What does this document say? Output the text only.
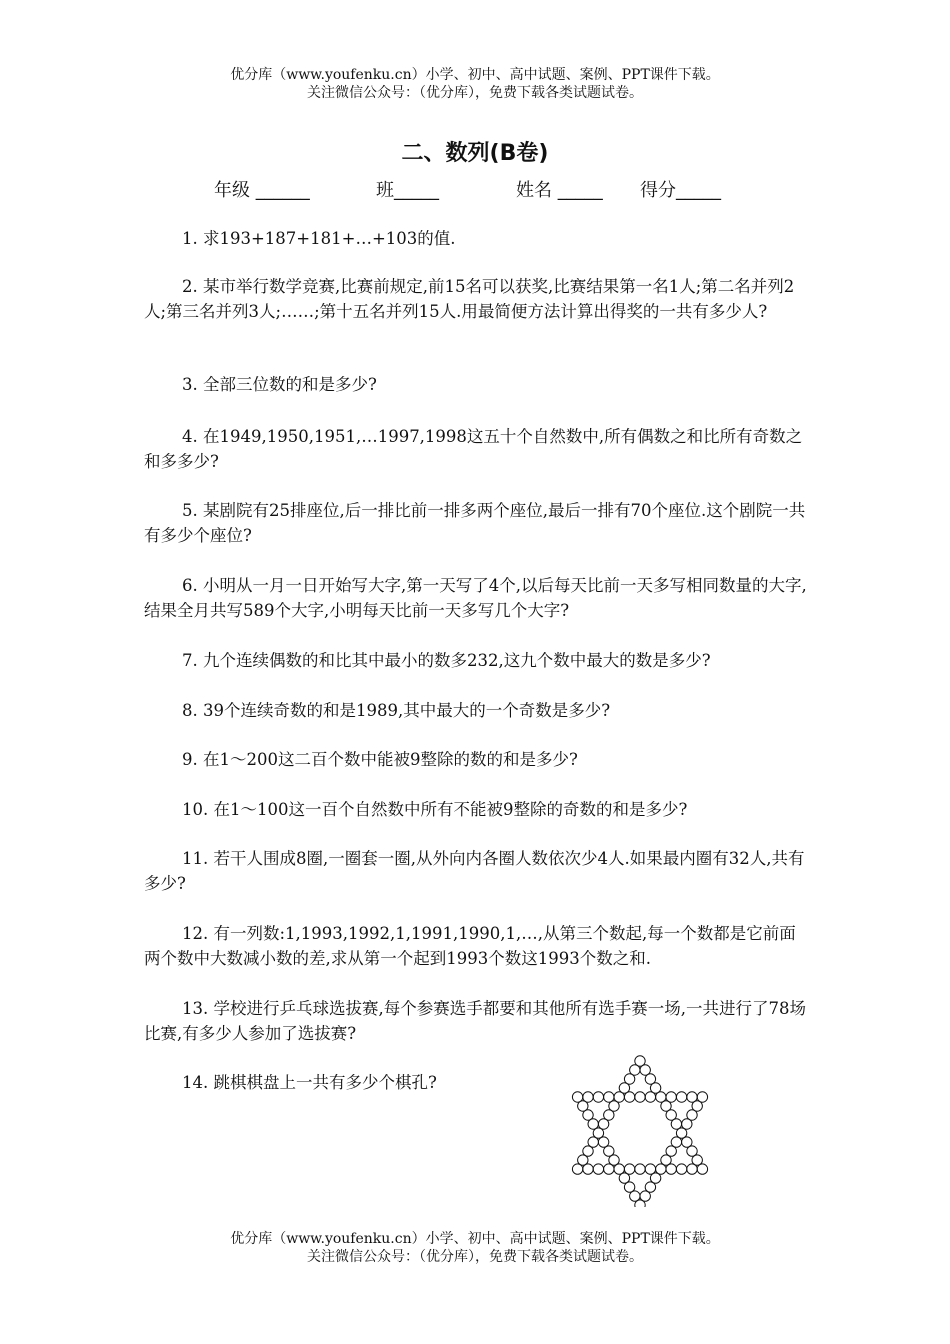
优分库（www.youfenku.cn）小学、初中、高中试题、案例、PPT课件下载。
关注微信公众号：（优分库），免费下载各类试题试卷。
二、数列(B卷)
年级 ______	班_____	姓名 _____ 得分_____

1. 求193+187+181+…+103的值.

2. 某市举行数学竞赛,比赛前规定,前15名可以获奖,比赛结果第一名1人;第二名并列2人;第三名并列3人;……;第十五名并列15人.用最简便方法计算出得奖的一共有多少人?

3. 全部三位数的和是多少?

4. 在1949,1950,1951,…1997,1998这五十个自然数中,所有偶数之和比所有奇数之和多多少?

5. 某剧院有25排座位,后一排比前一排多两个座位,最后一排有70个座位.这个剧院一共有多少个座位?

6. 小明从一月一日开始写大字,第一天写了4个,以后每天比前一天多写相同数量的大字,结果全月共写589个大字,小明每天比前一天多写几个大字?

7. 九个连续偶数的和比其中最小的数多232,这九个数中最大的数是多少?

8. 39个连续奇数的和是1989,其中最大的一个奇数是多少?

9. 在1～200这二百个数中能被9整除的数的和是多少?

10. 在1～100这一百个自然数中所有不能被9整除的奇数的和是多少?

11. 若干人围成8圈,一圈套一圈,从外向内各圈人数依次少4人.如果最内圈有32人,共有多少?

12. 有一列数:1,1993,1992,1,1991,1990,1,…,从第三个数起,每一个数都是它前面两个数中大数减小数的差,求从第一个起到1993个数这1993个数之和.

13. 学校进行乒乓球选拔赛,每个参赛选手都要和其他所有选手赛一场,一共进行了78场比赛,有多少人参加了选拔赛?

14. 跳棋棋盘上一共有多少个棋孔?

优分库（www.youfenku.cn）小学、初中、高中试题、案例、PPT课件下载。
关注微信公众号：（优分库），免费下载各类试题试卷。
